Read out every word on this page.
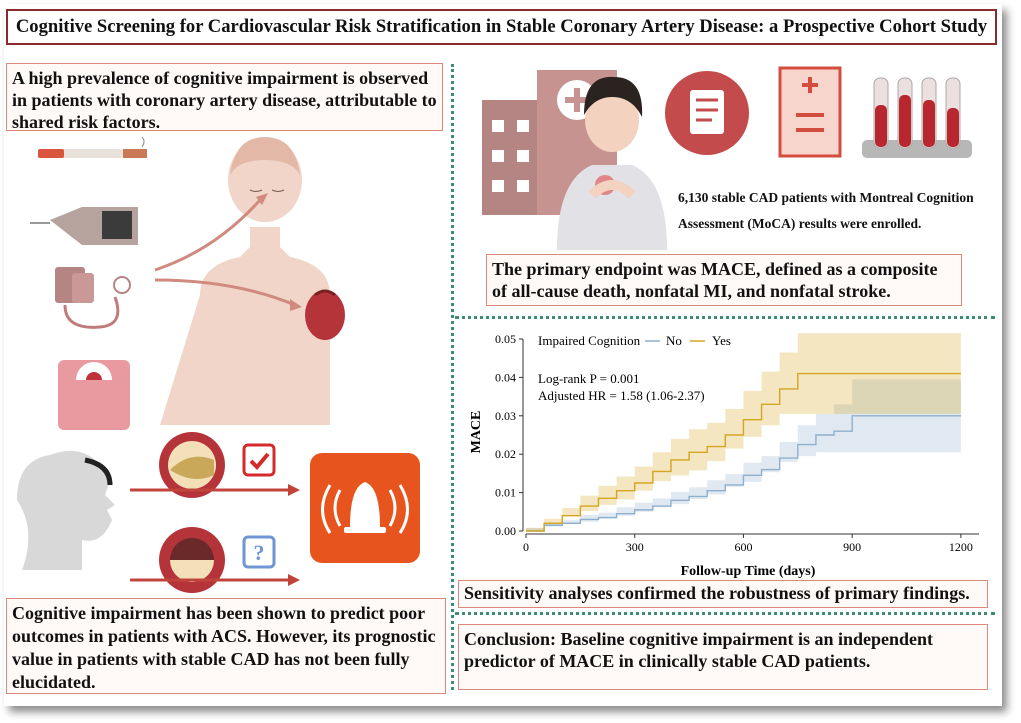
Cognitive Screening for Cardiovascular Risk Stratification in Stable Coronary Artery Disease: a Prospective Cohort Study
A high prevalence of cognitive impairment is observed in patients with coronary artery disease, attributable to shared risk factors.
Cognitive impairment has been shown to predict poor outcomes in patients with ACS. However, its prognostic value in patients with stable CAD has not been fully elucidated.
?
6,130 stable CAD patients with Montreal Cognition Assessment (MoCA) results were enrolled.
The primary endpoint was MACE, defined as a composite of all-cause death, nonfatal MI, and nonfatal stroke.
0	300	600	900	1200
0.00
0.01
0.02
0.03
0.04
0.05
MACE
Follow-up Time (days)
Impaired Cognition No Yes
Log-rank P = 0.001
Adjusted HR = 1.58 (1.06-2.37)
Sensitivity analyses confirmed the robustness of primary findings.
Conclusion: Baseline cognitive impairment is an independent predictor of MACE in clinically stable CAD patients.
